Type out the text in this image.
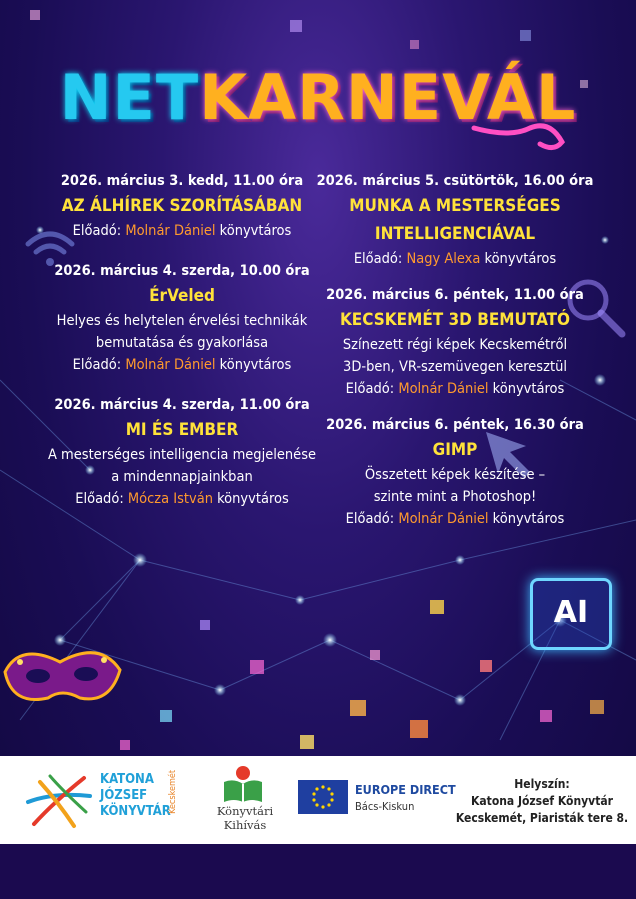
AI
NETKARNEVÁL
2026. március 3. kedd, 11.00 óra
AZ ÁLHÍREK SZORÍTÁSÁBAN
Előadó: Molnár Dániel könyvtáros
2026. március 4. szerda, 10.00 óra
ÉrVeled
Helyes és helytelen érvelési technikák
bemutatása és gyakorlása
Előadó: Molnár Dániel könyvtáros
2026. március 4. szerda, 11.00 óra
MI ÉS EMBER
A mesterséges intelligencia megjelenése
a mindennapjainkban
Előadó: Mócza István könyvtáros
2026. március 5. csütörtök, 16.00 óra
MUNKA A MESTERSÉGES
INTELLIGENCIÁVAL
Előadó: Nagy Alexa könyvtáros
2026. március 6. péntek, 11.00 óra
KECSKEMÉT 3D BEMUTATÓ
Színezett régi képek Kecskemétről
3D-ben, VR-szemüvegen keresztül
Előadó: Molnár Dániel könyvtáros
2026. március 6. péntek, 16.30 óra
GIMP
Összetett képek készítése –
szinte mint a Photoshop!
Előadó: Molnár Dániel könyvtáros
KATONA
JÓZSEF
KÖNYVTÁR
Kecskemét	Könyvtári
Kihívás
EUROPE DIRECT
Bács-Kiskun
Helyszín:
Katona József Könyvtár
Kecskemét, Piaristák tere 8.
